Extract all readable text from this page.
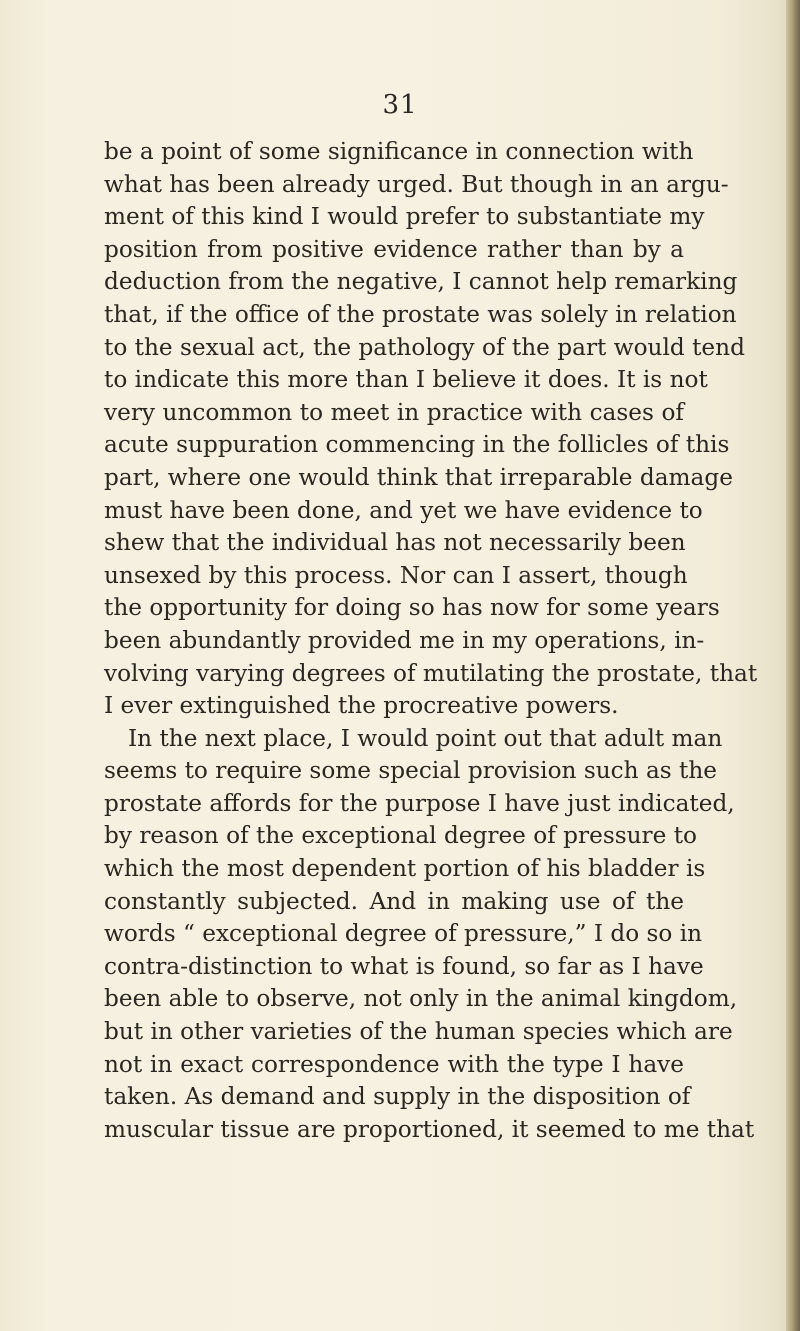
31
be a point of some significance in connection with
what has been already urged. But though in an argu-
ment of this kind I would prefer to substantiate my
position from positive evidence rather than by a
deduction from the negative, I cannot help remarking
that, if the office of the prostate was solely in relation
to the sexual act, the pathology of the part would tend
to indicate this more than I believe it does. It is not
very uncommon to meet in practice with cases of
acute suppuration commencing in the follicles of this
part, where one would think that irreparable damage
must have been done, and yet we have evidence to
shew that the individual has not necessarily been
unsexed by this process. Nor can I assert, though
the opportunity for doing so has now for some years
been abundantly provided me in my operations, in-
volving varying degrees of mutilating the prostate, that
I ever extinguished the procreative powers.
In the next place, I would point out that adult man
seems to require some special provision such as the
prostate affords for the purpose I have just indicated,
by reason of the exceptional degree of pressure to
which the most dependent portion of his bladder is
constantly subjected. And in making use of the
words “ exceptional degree of pressure,” I do so in
contra-distinction to what is found, so far as I have
been able to observe, not only in the animal kingdom,
but in other varieties of the human species which are
not in exact correspondence with the type I have
taken. As demand and supply in the disposition of
muscular tissue are proportioned, it seemed to me that
